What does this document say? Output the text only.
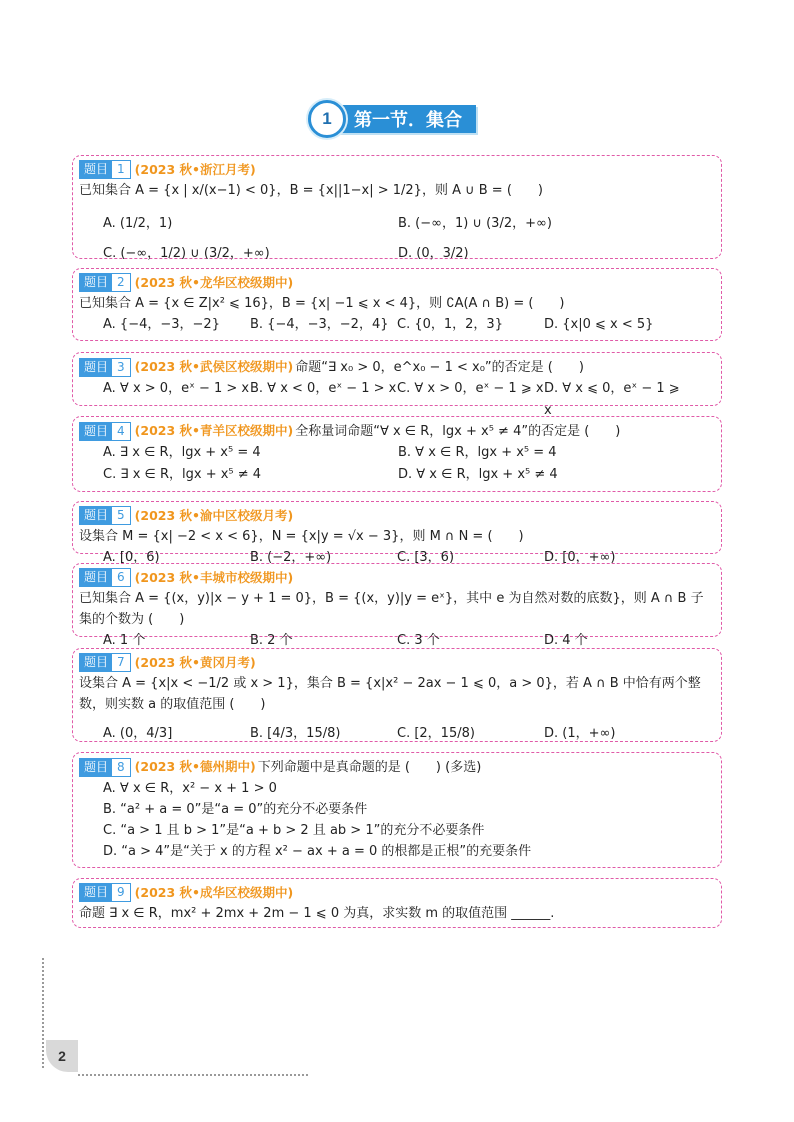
1	第一节．集合
题目 1 (2023 秋•浙江月考)
已知集合 A = {x | x/(x−1) < 0}，B = {x||1−x| > 1/2}，则 A ∪ B = (　　)
A. (1/2，1)	B. (−∞，1) ∪ (3/2，+∞)
C. (−∞，1/2) ∪ (3/2，+∞)	D. (0，3/2)
题目 2 (2023 秋•龙华区校级期中)
已知集合 A = {x ∈ Z|x² ⩽ 16}，B = {x| −1 ⩽ x < 4}，则 ∁A(A ∩ B) = (　　)
A. {−4，−3，−2}	B. {−4，−3，−2，4} C. {0，1，2，3}	D. {x|0 ⩽ x < 5}
题目 3 (2023 秋•武侯区校级期中) 命题“∃ x₀ > 0，e^x₀ − 1 < x₀”的否定是 (　　)
A. ∀ x > 0，eˣ − 1 > x B. ∀ x < 0，eˣ − 1 > x C. ∀ x > 0，eˣ − 1 ⩾ x D. ∀ x ⩽ 0，eˣ − 1 ⩾ x
题目 4 (2023 秋•青羊区校级期中) 全称量词命题“∀ x ∈ R，lgx + x⁵ ≠ 4”的否定是 (　　)
A. ∃ x ∈ R，lgx + x⁵ = 4	B. ∀ x ∈ R，lgx + x⁵ = 4
C. ∃ x ∈ R，lgx + x⁵ ≠ 4	D. ∀ x ∈ R，lgx + x⁵ ≠ 4
题目 5 (2023 秋•渝中区校级月考)
设集合 M = {x| −2 < x < 6}，N = {x|y = √x − 3}，则 M ∩ N = (　　)
A. [0，6)	B. (−2，+∞)	C. [3，6)	D. [0，+∞)
题目 6 (2023 秋•丰城市校级期中)
已知集合 A = {(x，y)|x − y + 1 = 0}，B = {(x，y)|y = eˣ}，其中 e 为自然对数的底数}，则 A ∩ B 子集的个数为 (　　)
A. 1 个	B. 2 个	C. 3 个	D. 4 个
题目 7 (2023 秋•黄冈月考)
设集合 A = {x|x < −1/2 或 x > 1}，集合 B = {x|x² − 2ax − 1 ⩽ 0，a > 0}，若 A ∩ B 中恰有两个整数，则实数 a 的取值范围 (　　)
A. (0，4/3]	B. [4/3，15/8)	C. [2，15/8)	D. (1，+∞)
题目 8 (2023 秋•德州期中) 下列命题中是真命题的是 (　　) (多选)
A. ∀ x ∈ R，x² − x + 1 > 0
B. “a² + a = 0”是“a = 0”的充分不必要条件
C. “a > 1 且 b > 1”是“a + b > 2 且 ab > 1”的充分不必要条件
D. “a > 4”是“关于 x 的方程 x² − ax + a = 0 的根都是正根”的充要条件
题目 9 (2023 秋•成华区校级期中)
命题 ∃ x ∈ R，mx² + 2mx + 2m − 1 ⩽ 0 为真，求实数 m 的取值范围 ______.
2
